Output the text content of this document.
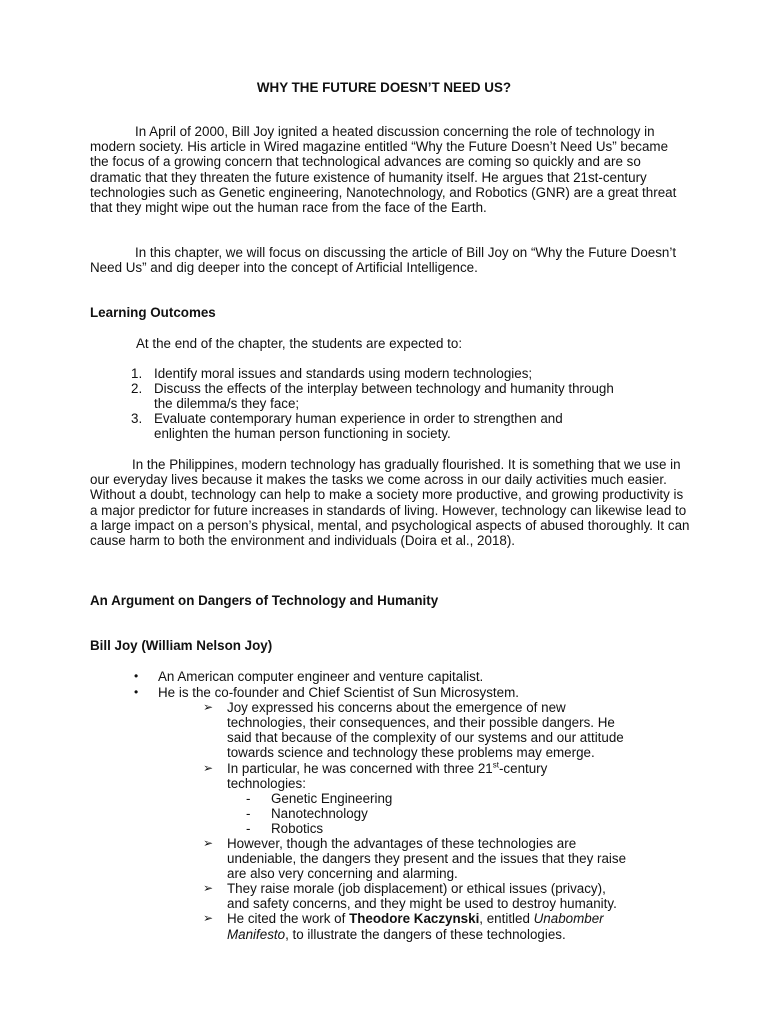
WHY THE FUTURE DOESN’T NEED US?

In April of 2000, Bill Joy ignited a heated discussion concerning the role of technology in modern society. His article in Wired magazine entitled “Why the Future Doesn’t Need Us” became the focus of a growing concern that technological advances are coming so quickly and are so dramatic that they threaten the future existence of humanity itself. He argues that 21st-century technologies such as Genetic engineering, Nanotechnology, and Robotics (GNR) are a great threat that they might wipe out the human race from the face of the Earth.

In this chapter, we will focus on discussing the article of Bill Joy on “Why the Future Doesn’t Need Us” and dig deeper into the concept of Artificial Intelligence.

Learning Outcomes

At the end of the chapter, the students are expected to:

1. Identify moral issues and standards using modern technologies;
2. Discuss the effects of the interplay between technology and humanity through
the dilemma/s they face;
3. Evaluate contemporary human experience in order to strengthen and
enlighten the human person functioning in society.

In the Philippines, modern technology has gradually flourished. It is something that we use in our everyday lives because it makes the tasks we come across in our daily activities much easier. Without a doubt, technology can help to make a society more productive, and growing productivity is a major predictor for future increases in standards of living. However, technology can likewise lead to a large impact on a person’s physical, mental, and psychological aspects of abused thoroughly. It can cause harm to both the environment and individuals (Doira et al., 2018).

An Argument on Dangers of Technology and Humanity

Bill Joy (William Nelson Joy)

• An American computer engineer and venture capitalist.
• He is the co-founder and Chief Scientist of Sun Microsystem.
➢ Joy expressed his concerns about the emergence of new
technologies, their consequences, and their possible dangers. He
said that because of the complexity of our systems and our attitude
towards science and technology these problems may emerge.
➢ In particular, he was concerned with three 21st-century
technologies:
- Genetic Engineering
- Nanotechnology
- Robotics
➢ However, though the advantages of these technologies are
undeniable, the dangers they present and the issues that they raise
are also very concerning and alarming.
➢ They raise morale (job displacement) or ethical issues (privacy),
and safety concerns, and they might be used to destroy humanity.
➢ He cited the work of Theodore Kaczynski, entitled Unabomber
Manifesto, to illustrate the dangers of these technologies.
